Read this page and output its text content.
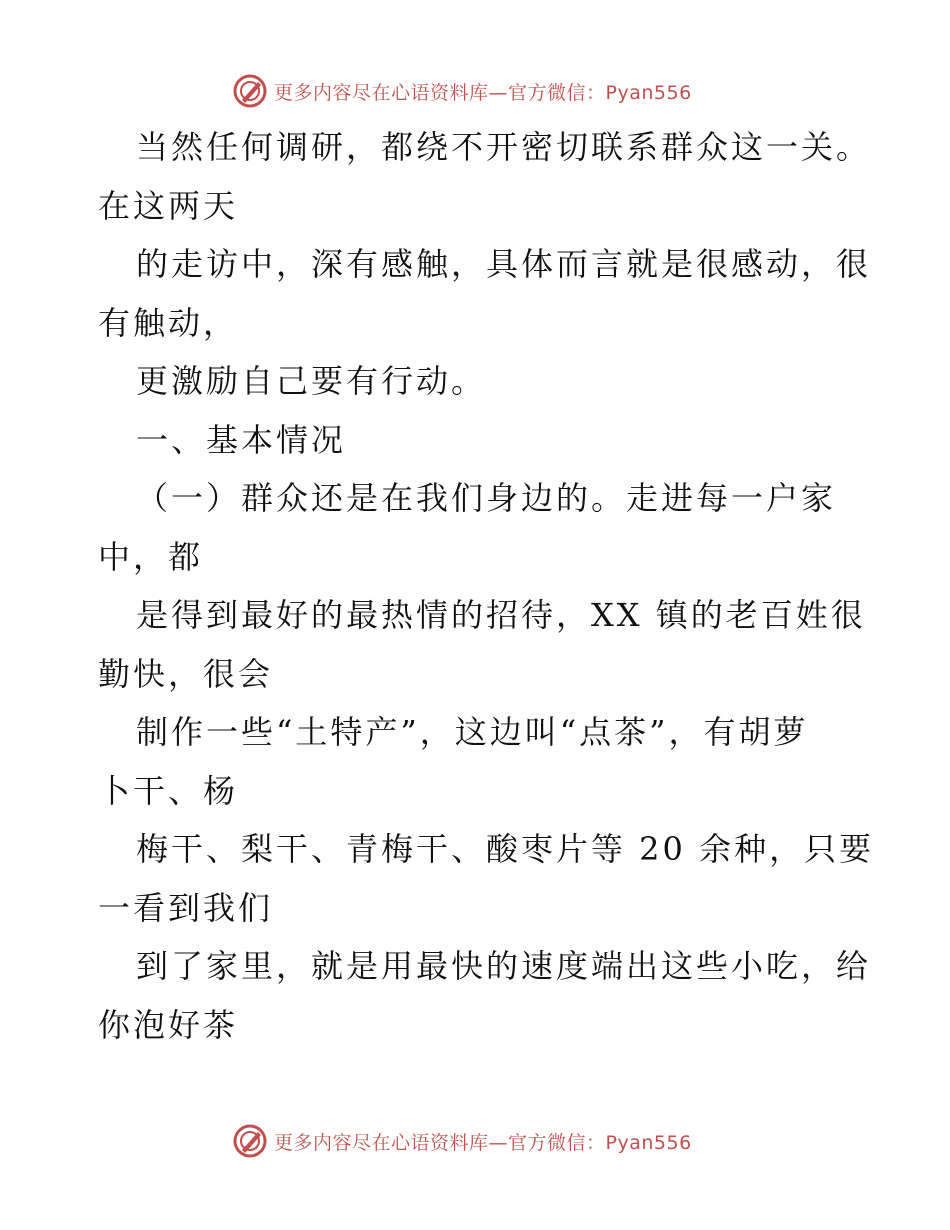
更多内容尽在心语资料库—官方微信：Pyan556
当然任何调研，都绕不开密切联系群众这一关。
在这两天
的走访中，深有感触，具体而言就是很感动，很
有触动，
更激励自己要有行动。
一、基本情况
（一）群众还是在我们身边的。走进每一户家
中，都
是得到最好的最热情的招待，XX 镇的老百姓很
勤快，很会
制作一些“土特产”，这边叫“点茶”，有胡萝
卜干、杨
梅干、梨干、青梅干、酸枣片等 20 余种，只要
一看到我们
到了家里，就是用最快的速度端出这些小吃，给
你泡好茶
更多内容尽在心语资料库—官方微信：Pyan556
